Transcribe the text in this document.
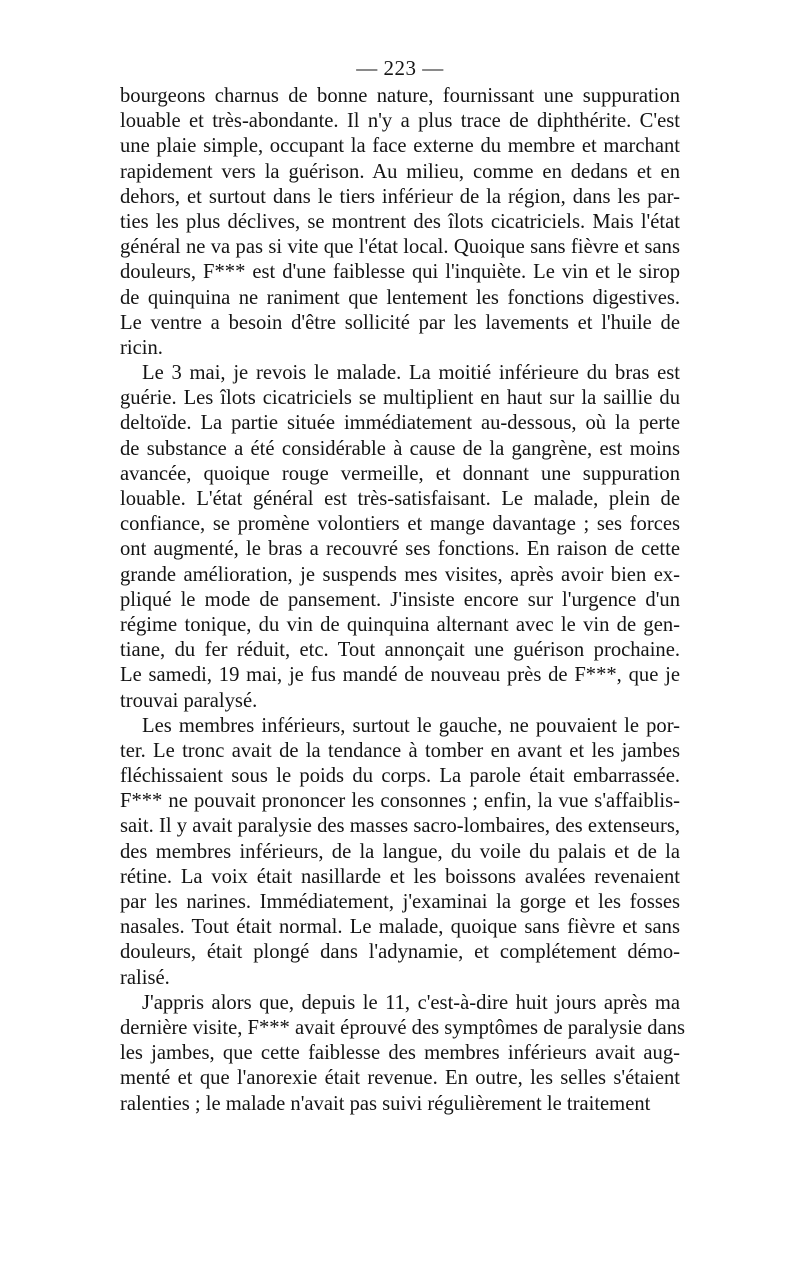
— 223 —
bourgeons charnus de bonne nature, fournissant une suppuration
louable et très-abondante. Il n'y a plus trace de diphthérite. C'est
une plaie simple, occupant la face externe du membre et marchant
rapidement vers la guérison. Au milieu, comme en dedans et en
dehors, et surtout dans le tiers inférieur de la région, dans les par-
ties les plus déclives, se montrent des îlots cicatriciels. Mais l'état
général ne va pas si vite que l'état local. Quoique sans fièvre et sans
douleurs, F*** est d'une faiblesse qui l'inquiète. Le vin et le sirop
de quinquina ne raniment que lentement les fonctions digestives.
Le ventre a besoin d'être sollicité par les lavements et l'huile de
ricin.
Le 3 mai, je revois le malade. La moitié inférieure du bras est
guérie. Les îlots cicatriciels se multiplient en haut sur la saillie du
deltoïde. La partie située immédiatement au-dessous, où la perte
de substance a été considérable à cause de la gangrène, est moins
avancée, quoique rouge vermeille, et donnant une suppuration
louable. L'état général est très-satisfaisant. Le malade, plein de
confiance, se promène volontiers et mange davantage ; ses forces
ont augmenté, le bras a recouvré ses fonctions. En raison de cette
grande amélioration, je suspends mes visites, après avoir bien ex-
pliqué le mode de pansement. J'insiste encore sur l'urgence d'un
régime tonique, du vin de quinquina alternant avec le vin de gen-
tiane, du fer réduit, etc. Tout annonçait une guérison prochaine.
Le samedi, 19 mai, je fus mandé de nouveau près de F***, que je
trouvai paralysé.
Les membres inférieurs, surtout le gauche, ne pouvaient le por-
ter. Le tronc avait de la tendance à tomber en avant et les jambes
fléchissaient sous le poids du corps. La parole était embarrassée.
F*** ne pouvait prononcer les consonnes ; enfin, la vue s'affaiblis-
sait. Il y avait paralysie des masses sacro-lombaires, des extenseurs,
des membres inférieurs, de la langue, du voile du palais et de la
rétine. La voix était nasillarde et les boissons avalées revenaient
par les narines. Immédiatement, j'examinai la gorge et les fosses
nasales. Tout était normal. Le malade, quoique sans fièvre et sans
douleurs, était plongé dans l'adynamie, et complétement démo-
ralisé.
J'appris alors que, depuis le 11, c'est-à-dire huit jours après ma
dernière visite, F*** avait éprouvé des symptômes de paralysie dans
les jambes, que cette faiblesse des membres inférieurs avait aug-
menté et que l'anorexie était revenue. En outre, les selles s'étaient
ralenties ; le malade n'avait pas suivi régulièrement le traitement
